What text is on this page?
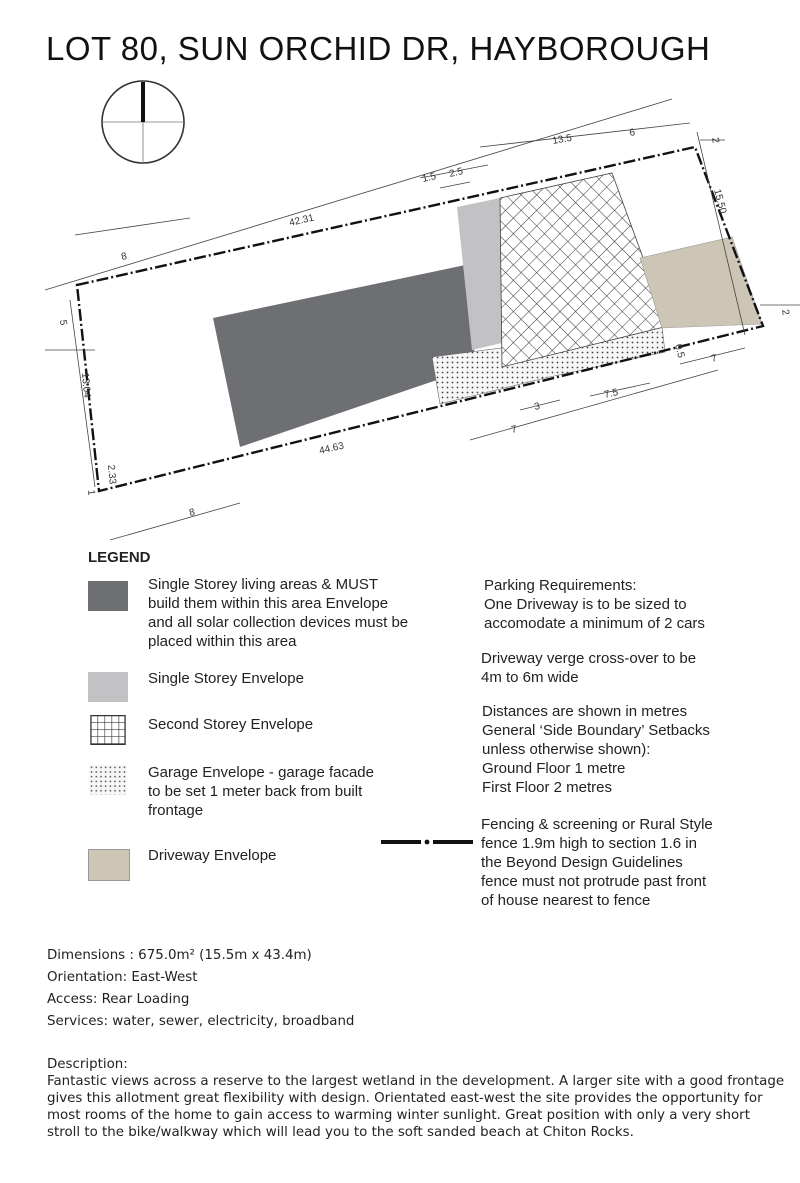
LOT 80, SUN ORCHID DR, HAYBOROUGH
42.31
44.63
1.5 2.5
13.5	6
2
15.50
2
0.5
13.04
5
2.33
1
8
8
7
7
7.5
3
LEGEND
Single Storey living areas & MUST
build them within this area Envelope
and all solar collection devices must be
placed within this area
Single Storey Envelope
Second Storey Envelope
Garage Envelope - garage facade
to be set 1 meter back from built
frontage
Driveway Envelope
Parking Requirements:
One Driveway is to be sized to
accomodate a minimum of 2 cars
Driveway verge cross-over to be
4m to 6m wide
Distances are shown in metres
General ‘Side Boundary’ Setbacks
unless otherwise shown):
Ground Floor 1 metre
First Floor 2 metres
Fencing & screening or Rural Style
fence 1.9m high to section 1.6 in
the Beyond Design Guidelines
fence must not protrude past front
of house nearest to fence
Dimensions : 675.0m² (15.5m x 43.4m)
Orientation: East-West
Access: Rear Loading
Services: water, sewer, electricity, broadband
Description:
Fantastic views across a reserve to the largest wetland in the development. A larger site with a good frontage gives this allotment great flexibility with design. Orientated east-west the site provides the opportunity for most rooms of the home to gain access to warming winter sunlight. Great position with only a very short stroll to the bike/walkway which will lead you to the soft sanded beach at Chiton Rocks.
